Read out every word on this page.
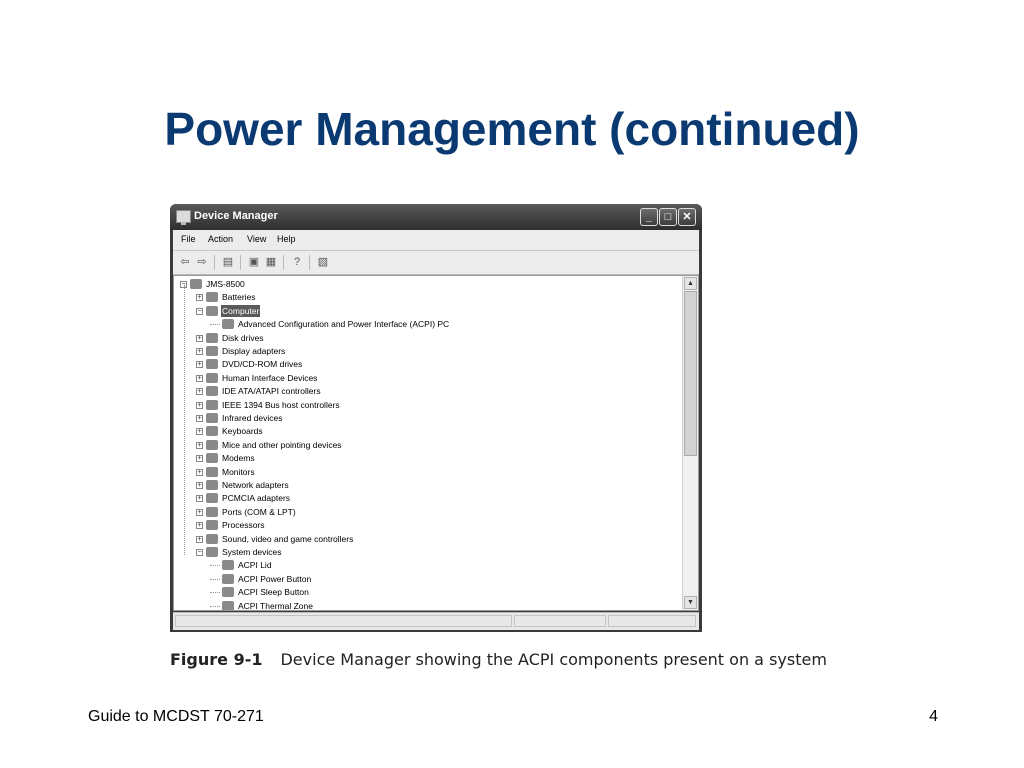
Power Management (continued)
Device Manager	_	□	✕
File Action View Help
⇦ ⇨ ▤ ▣ ▦	?	▧
− JMS-8500
+ Batteries
− Computer
Advanced Configuration and Power Interface (ACPI) PC
+ Disk drives
+ Display adapters
+ DVD/CD-ROM drives
+ Human Interface Devices
+ IDE ATA/ATAPI controllers
+ IEEE 1394 Bus host controllers
+ Infrared devices
+ Keyboards
+ Mice and other pointing devices
+ Modems
+ Monitors
+ Network adapters
+ PCMCIA adapters
+ Ports (COM & LPT)
+ Processors
+ Sound, video and game controllers
− System devices
ACPI Lid
ACPI Power Button
ACPI Sleep Button
ACPI Thermal Zone
▲
▼
Figure 9-1 Device Manager showing the ACPI components present on a system
Guide to MCDST 70-271	4
